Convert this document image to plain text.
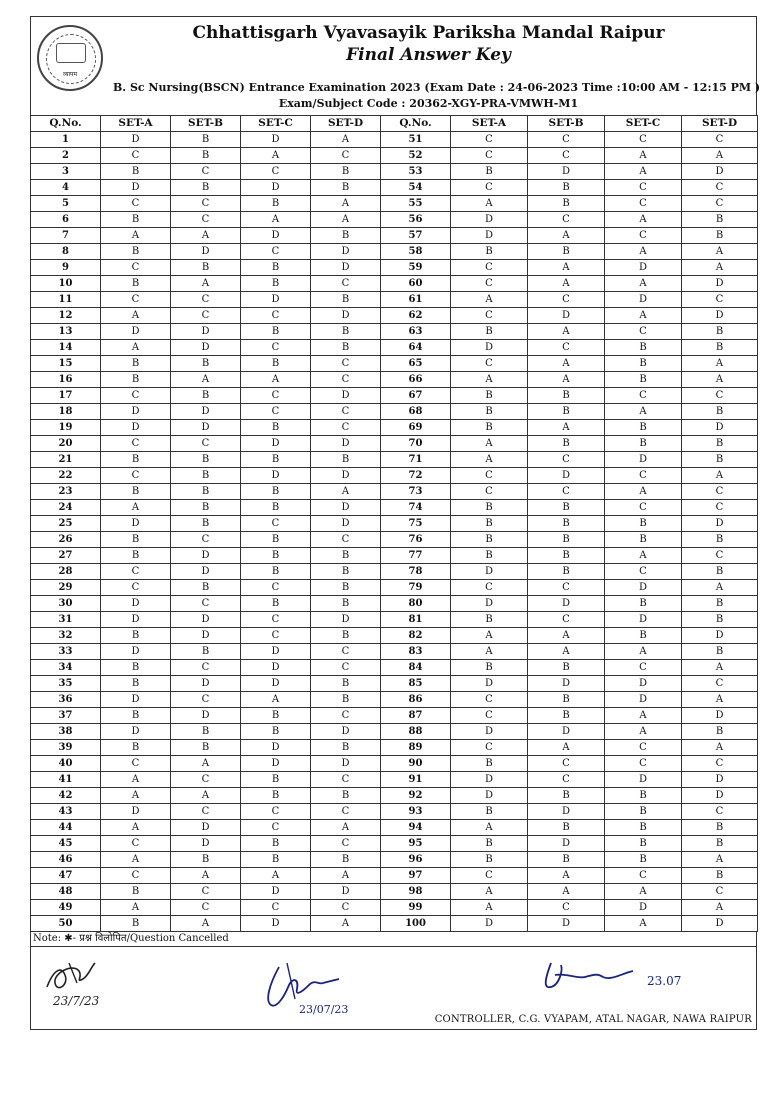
व्यापम
Chhattisgarh Vyavasayik Pariksha Mandal Raipur
Final Answer Key
B. Sc Nursing(BSCN) Entrance Examination 2023 (Exam Date : 24-06-2023 Time :10:00 AM - 12:15 PM )
Exam/Subject Code : 20362-XGY-PRA-VMWH-M1
Q.No.	SET-A	SET-B	SET-C	SET-D	Q.No.	SET-A	SET-B	SET-C	SET-D
1	D	B	D	A	51	C	C	C	C
2	C	B	A	C	52	C	C	A	A
3	B	C	C	B	53	B	D	A	D
4	D	B	D	B	54	C	B	C	C
5	C	C	B	A	55	A	B	C	C
6	B	C	A	A	56	D	C	A	B
7	A	A	D	B	57	D	A	C	B
8	B	D	C	D	58	B	B	A	A
9	C	B	B	D	59	C	A	D	A
10	B	A	B	C	60	C	A	A	D
11	C	C	D	B	61	A	C	D	C
12	A	C	C	D	62	C	D	A	D
13	D	D	B	B	63	B	A	C	B
14	A	D	C	B	64	D	C	B	B
15	B	B	B	C	65	C	A	B	A
16	B	A	A	C	66	A	A	B	A
17	C	B	C	D	67	B	B	C	C
18	D	D	C	C	68	B	B	A	B
19	D	D	B	C	69	B	A	B	D
20	C	C	D	D	70	A	B	B	B
21	B	B	B	B	71	A	C	D	B
22	C	B	D	D	72	C	D	C	A
23	B	B	B	A	73	C	C	A	C
24	A	B	B	D	74	B	B	C	C
25	D	B	C	D	75	B	B	B	D
26	B	C	B	C	76	B	B	B	B
27	B	D	B	B	77	B	B	A	C
28	C	D	B	B	78	D	B	C	B
29	C	B	C	B	79	C	C	D	A
30	D	C	B	B	80	D	D	B	B
31	D	D	C	D	81	B	C	D	B
32	B	D	C	B	82	A	A	B	D
33	D	B	D	C	83	A	A	A	B
34	B	C	D	C	84	B	B	C	A
35	B	D	D	B	85	D	D	D	C
36	D	C	A	B	86	C	B	D	A
37	B	D	B	C	87	C	B	A	D
38	D	B	B	D	88	D	D	A	B
39	B	B	D	B	89	C	A	C	A
40	C	A	D	D	90	B	C	C	C
41	A	C	B	C	91	D	C	D	D
42	A	A	B	B	92	D	B	B	D
43	D	C	C	C	93	B	D	B	C
44	A	D	C	A	94	A	B	B	B
45	C	D	B	C	95	B	D	B	B
46	A	B	B	B	96	B	B	B	A
47	C	A	A	A	97	C	A	C	B
48	B	C	D	D	98	A	A	A	C
49	A	C	C	C	99	A	C	D	A
50	B	A	D	A	100	D	D	A	D
Note: ✱- प्रश्न विलोपित/Question Cancelled
23/7/23
23/07/23
23.07
CONTROLLER, C.G. VYAPAM, ATAL NAGAR, NAWA RAIPUR
